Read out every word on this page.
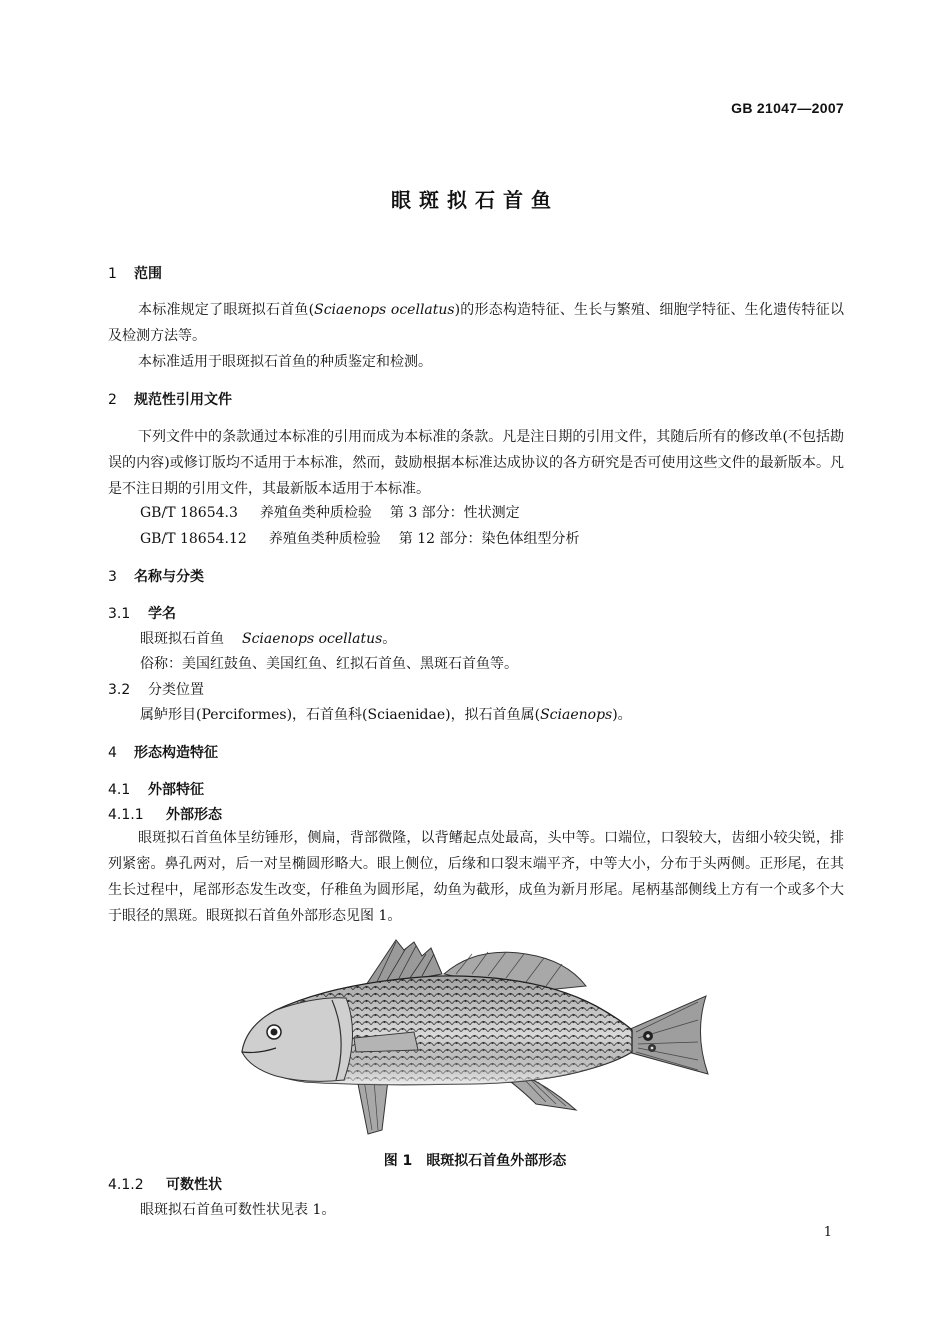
GB 21047—2007
眼斑拟石首鱼
1 范围
本标准规定了眼斑拟石首鱼(Sciaenops ocellatus)的形态构造特征、生长与繁殖、细胞学特征、生化遗传特征以及检测方法等。
本标准适用于眼斑拟石首鱼的种质鉴定和检测。
2 规范性引用文件
下列文件中的条款通过本标准的引用而成为本标准的条款。凡是注日期的引用文件，其随后所有的修改单(不包括勘误的内容)或修订版均不适用于本标准，然而，鼓励根据本标准达成协议的各方研究是否可使用这些文件的最新版本。凡是不注日期的引用文件，其最新版本适用于本标准。
GB/T 18654.3 养殖鱼类种质检验 第 3 部分：性状测定
GB/T 18654.12 养殖鱼类种质检验 第 12 部分：染色体组型分析
3 名称与分类
3.1 学名
眼斑拟石首鱼 Sciaenops ocellatus。
俗称：美国红鼓鱼、美国红鱼、红拟石首鱼、黑斑石首鱼等。
3.2 分类位置
属鲈形目(Perciformes)，石首鱼科(Sciaenidae)，拟石首鱼属(Sciaenops)。
4 形态构造特征
4.1 外部特征
4.1.1 外部形态
眼斑拟石首鱼体呈纺锤形，侧扁，背部微隆，以背鳍起点处最高，头中等。口端位，口裂较大，齿细小较尖锐，排列紧密。鼻孔两对，后一对呈椭圆形略大。眼上侧位，后缘和口裂末端平齐，中等大小，分布于头两侧。正形尾，在其生长过程中，尾部形态发生改变，仔稚鱼为圆形尾，幼鱼为截形，成鱼为新月形尾。尾柄基部侧线上方有一个或多个大于眼径的黑斑。眼斑拟石首鱼外部形态见图 1。
图 1 眼斑拟石首鱼外部形态
4.1.2 可数性状
眼斑拟石首鱼可数性状见表 1。
1
